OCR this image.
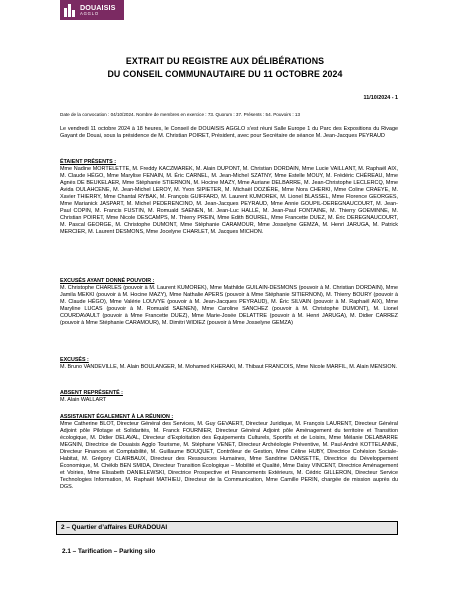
DOUAISIS
AGGLO
EXTRAIT DU REGISTRE AUX DÉLIBÉRATIONS
DU CONSEIL COMMUNAUTAIRE DU 11 OCTOBRE 2024
11/10/2024 - 1
Date de la convocation : 04/10/2024. Nombre de membres en exercice : 73. Quorum : 37. Présents : 54. Pouvoirs : 13

Le vendredi 11 octobre 2024 à 18 heures, le Conseil de DOUAISIS AGGLO s’est réuni Salle Europe 1 du Parc des Expositions du Rivage Gayant de Douai, sous la présidence de M. Christian POIRET, Président, avec pour Secrétaire de séance M. Jean-Jacques PEYRAUD

ÉTAIENT PRÉSENTS :

Mme Nadine MORTELETTE, M. Freddy KACZMAREK, M. Alain DUPONT, M. Christian DORDAIN, Mme Lucie VAILLANT, M. Raphaël AIX, M. Claude HÉGO, Mme Marylise FENAIN, M. Éric CARNEL, M. Jean-Michel SZATNY, Mme Estelle MOUY, M. Frédéric CHÉREAU, Mme Agnès DE BEUKELAER, Mme Stéphanie STIERNON, M. Hocine MAZY, Mme Auriane DELBARRE, M. Jean-Christophe LECLERCQ, Mme Avida OULAHCENE, M. Jean-Michel LEROY, M. Yvon SIPIETER, M. Michaël DOZIÈRE, Mme Nora CHERKI, Mme Coline CRAEYE, M. Xavier THIERRY, Mme Chantal RYBAK, M. François GUIFFARD, M. Laurent KUMOREK, M. Lionel BLASSEL, Mme Florence GEORGES, Mme Marianick JASPART, M. Michel PEDERENCINO, M. Jean-Jacques PEYRAUD, Mme Annie GOUPIL-DEREGNAUCOURT, M. Jean-Paul COPIN, M. Francis FUSTIN, M. Romuald SAENEN, M. Jean-Luc HALLÉ, M. Jean-Paul FONTAINE, M. Thierry GOEMINNE, M. Christian POIRET, Mme Nicole DESCAMPS, M. Thierry PREIN, Mme Edith BOUREL, Mme Francette DUEZ, M. Éric DEREGNAUCOURT, M. Pascal GEORGE, M. Christophe DUMONT, Mme Stéphanie CARAMOUR, Mme Josselyne GEMZA, M. Henri JARUGA, M. Patrick MERCIER, M. Laurent DESMONS, Mme Jocelyne CHARLET, M. Jacques MICHON.

EXCUSÉS AYANT DONNÉ POUVOIR :

M. Christophe CHARLES (pouvoir à M. Laurent KUMOREK), Mme Mathilde GUILAIN-DESMONS (pouvoir à M. Christian DORDAIN), Mme Jamila MEKKI (pouvoir à M. Hocine MAZY), Mme Nathalie APERS (pouvoir à Mme Stéphanie SITIERNON), M. Thierry BOURY (pouvoir à M. Claude HÉGO), Mme Valérie LOUVYE (pouvoir à M. Jean-Jacques PEYRAUD), M. Éric SILVAIN (pouvoir à M. Raphaël AIX), Mme Maryline LUCAS (pouvoir à M. Romuald SAENEN), Mme Caroline SANCHEZ (pouvoir à M. Christophe DUMONT), M. Lionel COURDAVAULT (pouvoir à Mme Francette DUEZ), Mme Marie-Josée DELATTRE (pouvoir à M. Henri JARUGA), M. Didier CARREZ (pouvoir à Mme Stéphanie CARAMOUR), M. Dimitri WIDIEZ (pouvoir à Mme Josselyne GEMZA)

EXCUSÉS :

M. Bruno VANDEVILLE, M. Alain BOULANGER, M. Mohamed KHERAKI, M. Thibaut FRANCOIS, Mme Nicole MARFIL, M. Alain MENSION.

ABSENT REPRÉSENTÉ :

M. Alain WALLART

ASSISTAIENT ÉGALEMENT À LA RÉUNION :

Mme Catherine BLOT, Directeur Général des Services, M. Guy GEVAERT, Directeur Juridique, M. François LAURENT, Directeur Général Adjoint pôle Pilotage et Solidarités, M. Franck FOURNIER, Directeur Général Adjoint pôle Aménagement du territoire et Transition écologique, M. Didier DELAVAL, Directeur d’Exploitation des Équipements Culturels, Sportifs et de Loisirs, Mme Mélanie DELABARRE MEGNIN, Directrice de Douaisis Agglo Tourisme, M. Stéphane VENET, Directeur Archéologie Préventive, M. Paul-André KOTTELANNE, Directeur Finances et Comptabilité, M. Guillaume BOUQUET, Contrôleur de Gestion, Mme Céline HUBY, Directrice Cohésion Sociale-Habitat, M. Grégory CLAIRBAUX, Directeur des Ressources Humaines, Mme Sandrine DANSETTE, Directrice du Développement Économique, M. Chékib BEN SMIDA, Directeur Transition Écologique – Mobilité et Qualité, Mme Daisy VINCENT, Directrice Aménagement et Voiries, Mme Elisabeth DANIELEWSKI, Directrice Prospective et Financements Extérieurs, M. Cédric GILLERON, Directeur Service Technologies Information, M. Raphaël MATHIEU, Directeur de la Communication, Mme Camille PERIN, chargée de mission auprès du DGS.

2 – Quartier d’affaires EURADOUAI
2.1 – Tarification – Parking silo
